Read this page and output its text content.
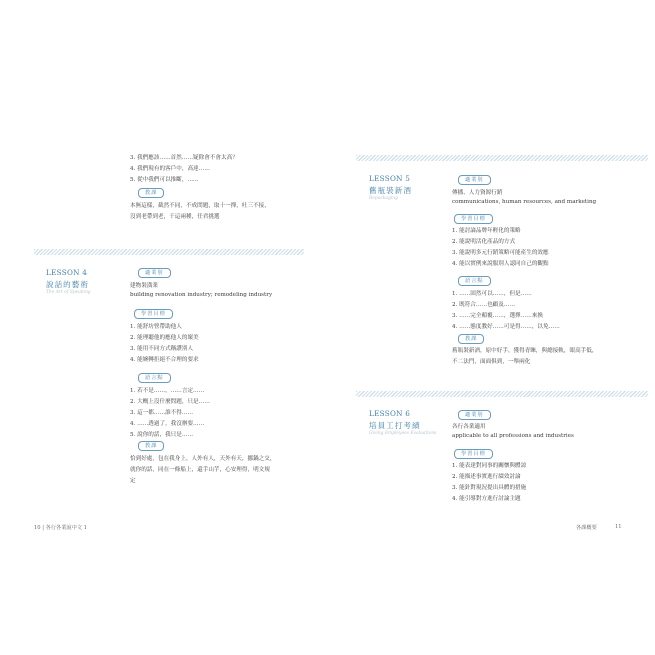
3. 我們應該……首然……疑除會不會太高？
4. 我們現有的客戶中，高達……
5. 從中我們可以推斷，……
教課
本無這樣，截然不同，不成問題，取十一擇，吐三不接，
沒到老帶到老，千這兩種，任君挑選
LESSON 4
說話的藝術
The Art of Speaking
適業別
建物裝潢業
building renovation industry; remodeling industry
學習目標
1. 能舒坊營帶助他人
2. 能理聽他的應他人的壞美
3. 能用不同方式稱讚別人
4. 能婉轉拒絕不合理的要求
語言點
1. 若不是……，……言定……
2. 大概上沒什麼問題，只是……
3. 這一都……誰不得……
4. ……透過了，我沒辦要……
5. 說你的話，我只是……
教課
恰到好處，包在我身上，人外有人，天外有天，挪鍋之交，
就你的話，同在一條船上，還手山芋，心安理得，明文規
定
10 | 各行各業說中文 1
LESSON 5
舊瓶裝新酒
Repackaging
適業別
傳播、人力資源行銷
communications, human resources, and marketing
學習目標
1. 能討論品牌年輕化的策略
2. 能說明活化產品的方式
3. 能說明多元行銷策略可能產生的效應
4. 能以實例來說服別人認同自己的觀點
語言點
1. ……固然可以……，但是……
2. 既符合……也顧及……
3. ……完全顛覆……，選擇……來換
4. ……態度教好……可是得……，以免……
教課
舊瓶裝新酒，原中好手，獲得青睞，與總接軌，眼高手低，
不二法門，面面俱到，一舉兩化
LESSON 6
培員工打考績
Giving Employees Evaluations
適業別
各行各業適用
applicable to all professions and industries
學習目標
1. 能表達對同事的關懷與體諒
2. 能描述事實進行績效討論
3. 能針對現況提出具體的措施
4. 能引導對方進行討論主題
各課概要	11
